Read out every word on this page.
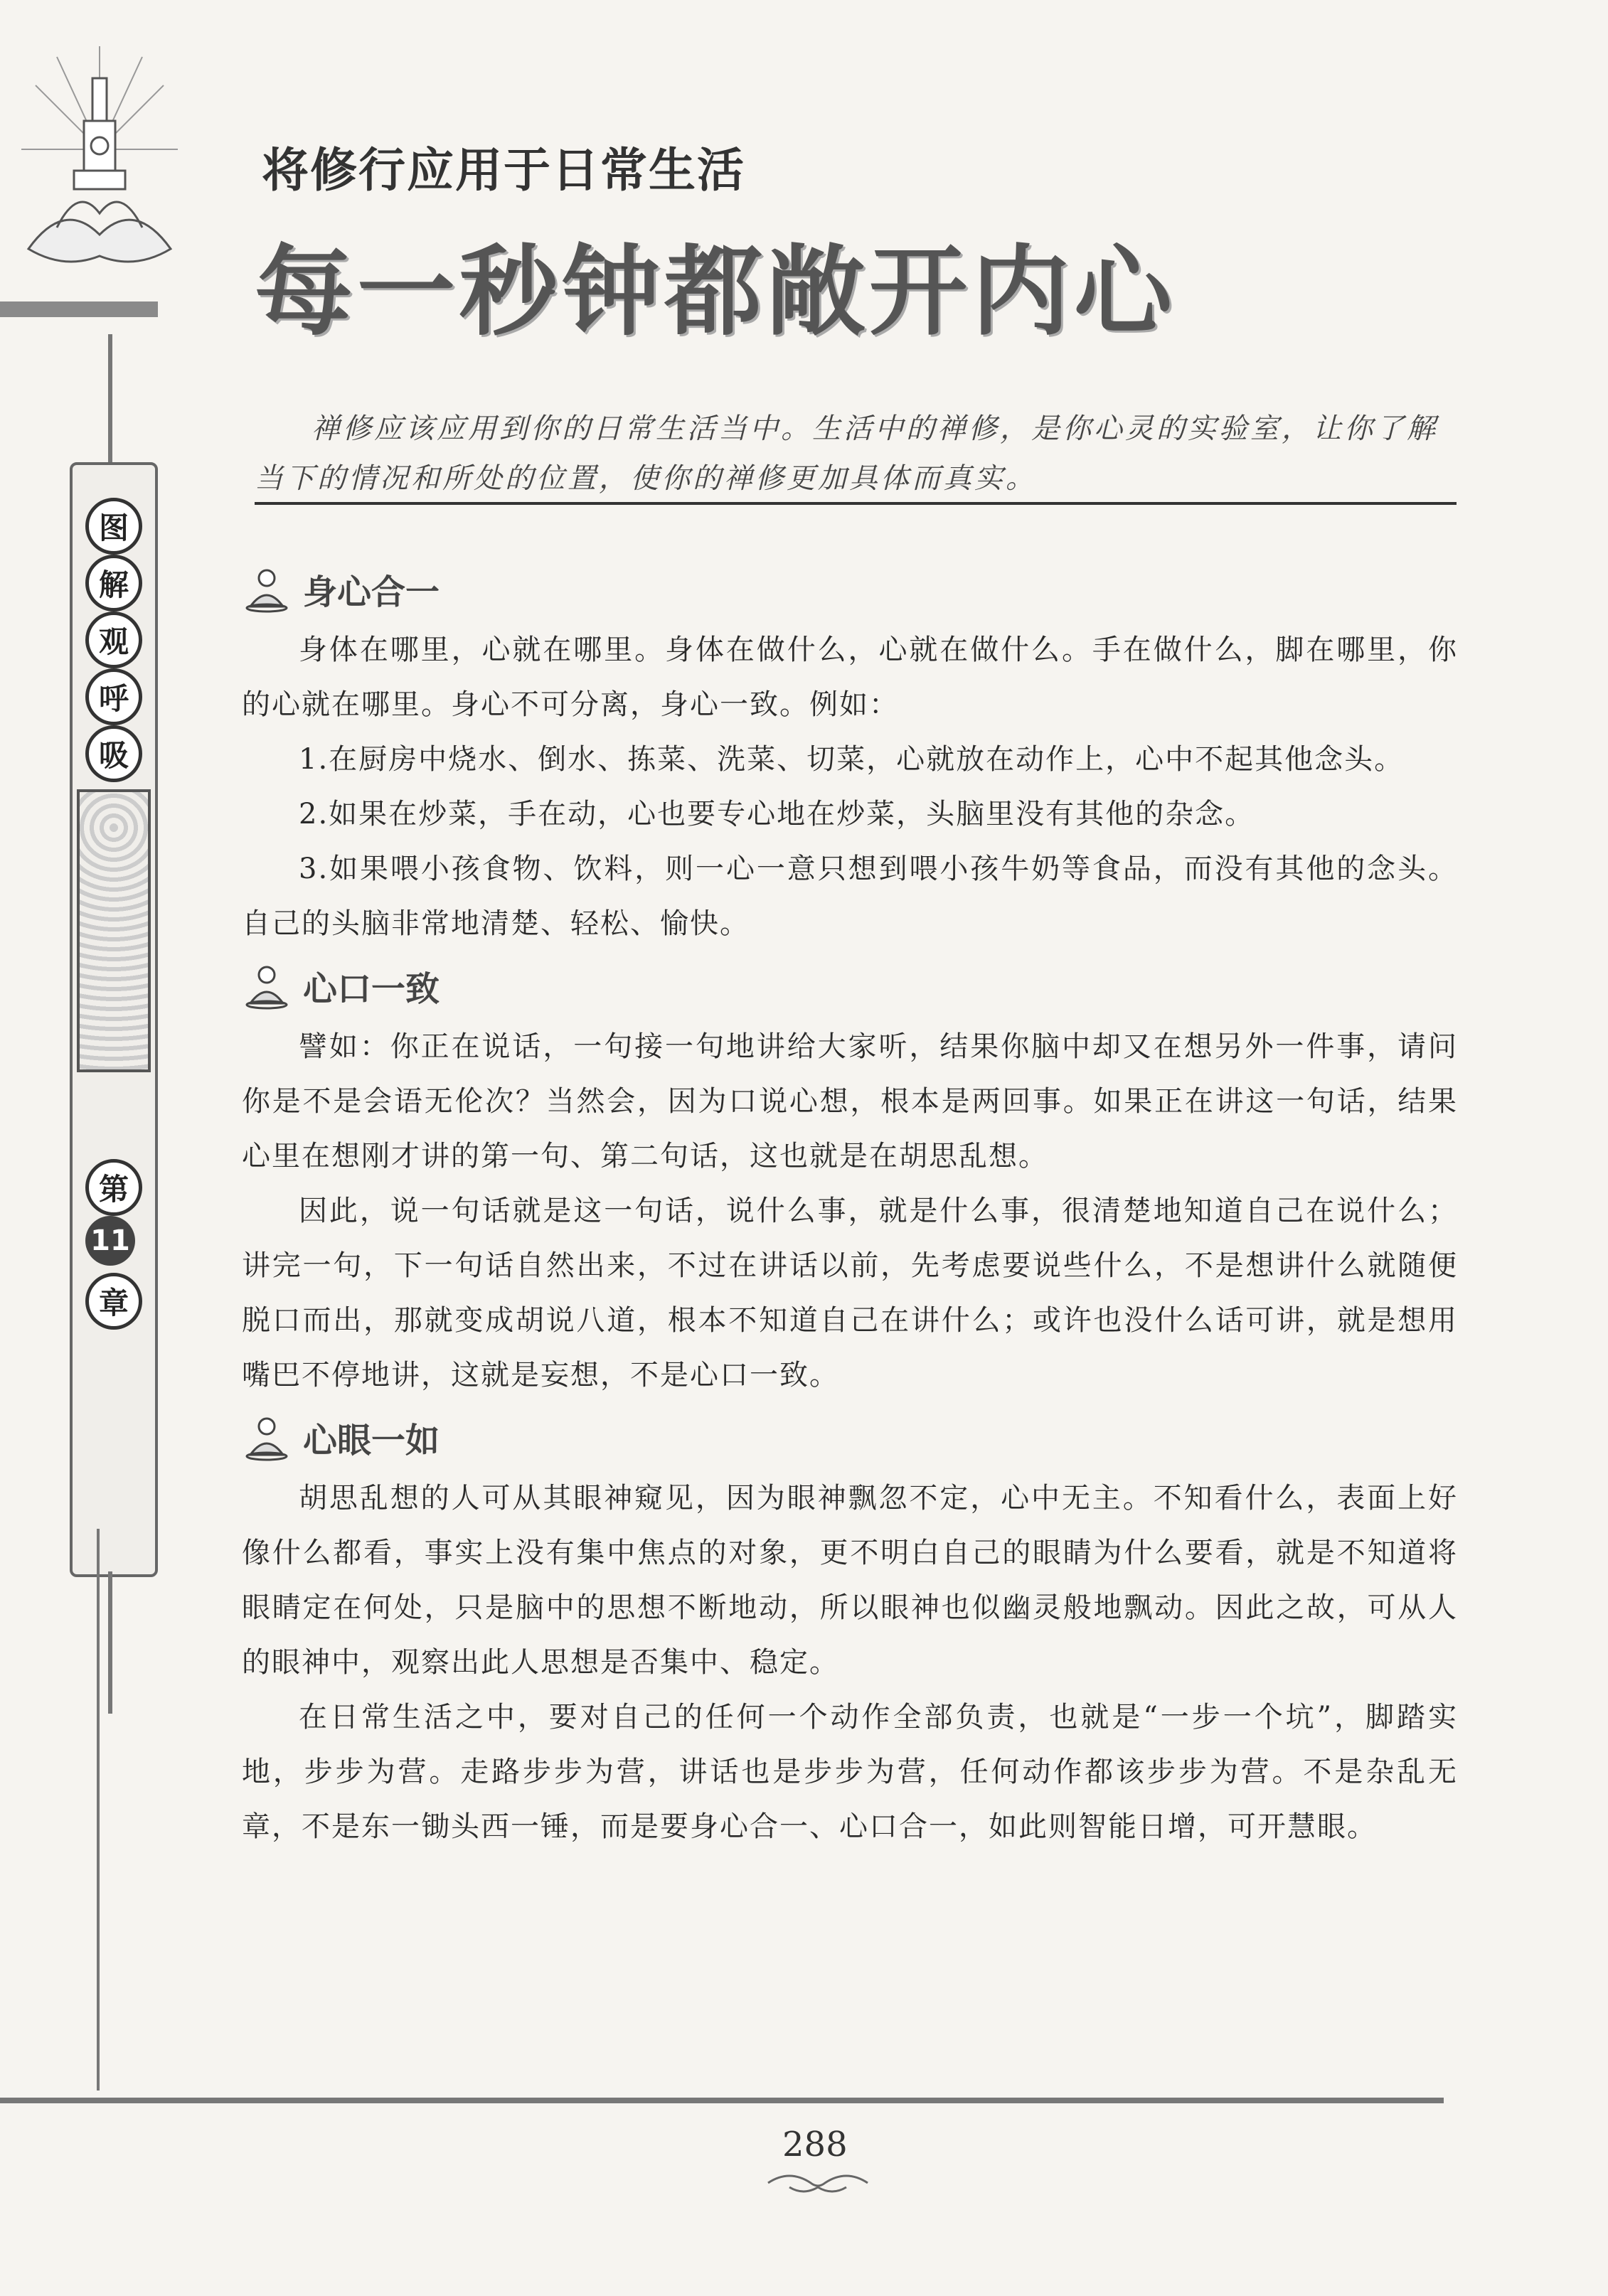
图
解
观
呼
吸
第
11
章
将修行应用于日常生活
每一秒钟都敞开内心

禅修应该应用到你的日常生活当中。生活中的禅修，是你心灵的实验室，让你了解当下的情况和所处的位置，使你的禅修更加具体而真实。

身心合一

身体在哪里，心就在哪里。身体在做什么，心就在做什么。手在做什么，脚在哪里，你的心就在哪里。身心不可分离，身心一致。例如：

1.在厨房中烧水、倒水、拣菜、洗菜、切菜，心就放在动作上，心中不起其他念头。

2.如果在炒菜，手在动，心也要专心地在炒菜，头脑里没有其他的杂念。

3.如果喂小孩食物、饮料，则一心一意只想到喂小孩牛奶等食品，而没有其他的念头。自己的头脑非常地清楚、轻松、愉快。

心口一致

譬如：你正在说话，一句接一句地讲给大家听，结果你脑中却又在想另外一件事，请问你是不是会语无伦次？当然会，因为口说心想，根本是两回事。如果正在讲这一句话，结果心里在想刚才讲的第一句、第二句话，这也就是在胡思乱想。

因此，说一句话就是这一句话，说什么事，就是什么事，很清楚地知道自己在说什么；讲完一句，下一句话自然出来，不过在讲话以前，先考虑要说些什么，不是想讲什么就随便脱口而出，那就变成胡说八道，根本不知道自己在讲什么；或许也没什么话可讲，就是想用嘴巴不停地讲，这就是妄想，不是心口一致。

心眼一如

胡思乱想的人可从其眼神窥见，因为眼神飘忽不定，心中无主。不知看什么，表面上好像什么都看，事实上没有集中焦点的对象，更不明白自己的眼睛为什么要看，就是不知道将眼睛定在何处，只是脑中的思想不断地动，所以眼神也似幽灵般地飘动。因此之故，可从人的眼神中，观察出此人思想是否集中、稳定。

在日常生活之中，要对自己的任何一个动作全部负责，也就是“一步一个坑”，脚踏实地，步步为营。走路步步为营，讲话也是步步为营，任何动作都该步步为营。不是杂乱无章，不是东一锄头西一锤，而是要身心合一、心口合一，如此则智能日增，可开慧眼。

288
